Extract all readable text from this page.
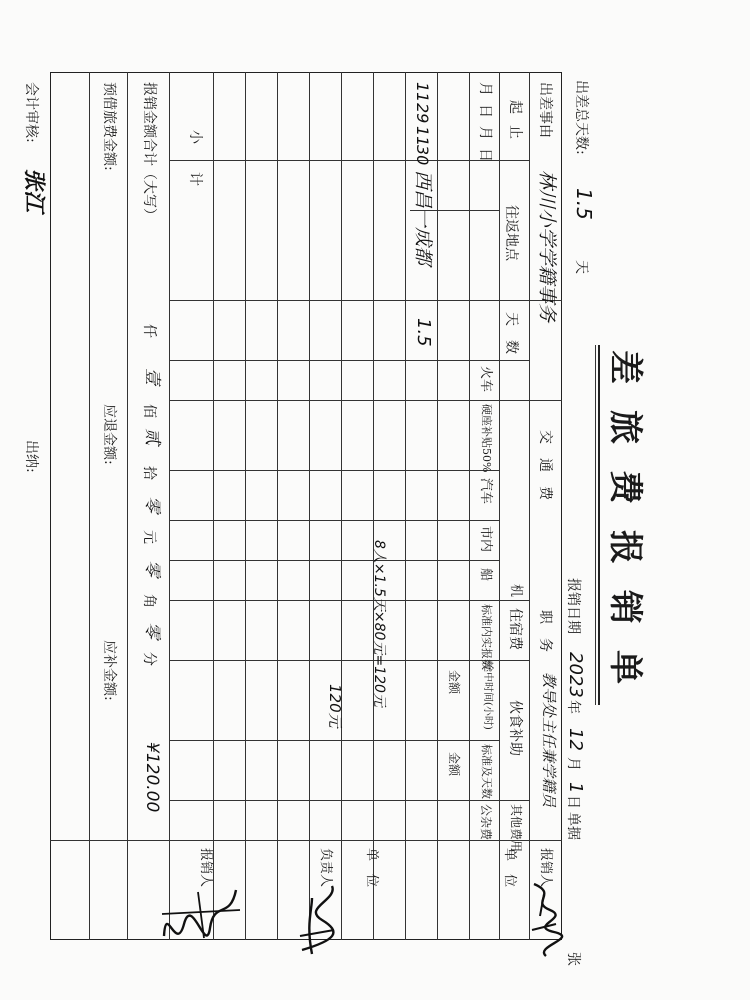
差旅费报销单
报销日期
2023
年
12
月
1
日
单据
张
出差总天数:
1.5
天
出差事由
林川小学学籍事务
职　务
教导处主任兼学籍员
起
止
往返地点
天　数
月
日
月
日
交　通　费
火车
硬座补贴50%
汽车
市内
船
机
住宿费
标准内实报数
伙食补助
途中时间(小时)
金额
标准及天数
金额
其他费用
公杂费
11
29
11
30
西昌一成都
1.5
8人×1.5天×80元=120元
120元
小　　计
报销金额合计（大写）
仟
壹
佰
贰
拾
零
元
零
角
零
分
¥120.00
预借旅费金额:
应退金额:
应补金额:
单　位 报销人
单　位
负责人
报销人
会计审核:
张江
出纳:
